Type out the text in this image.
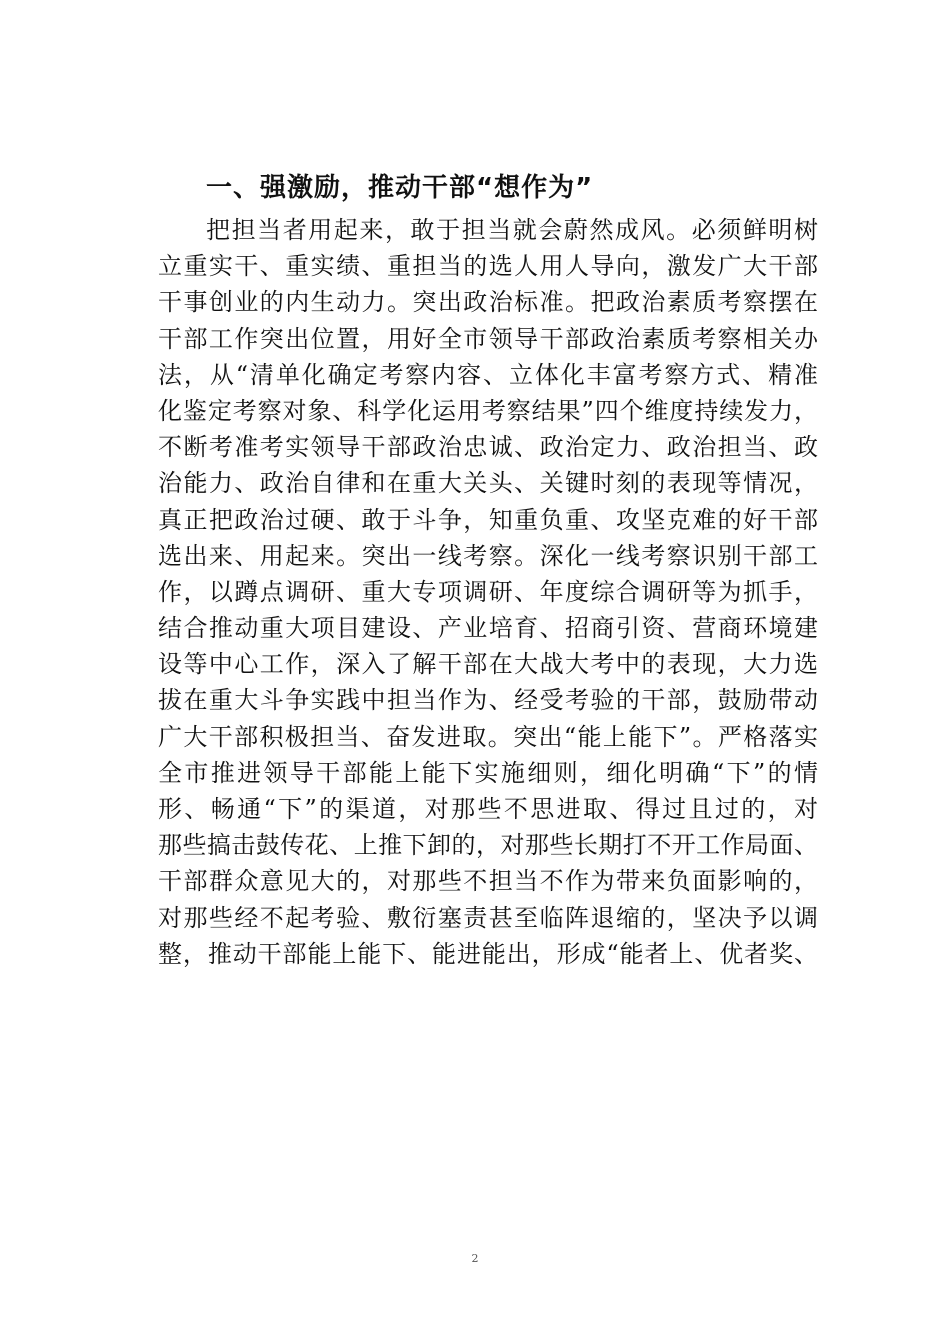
一、强激励，推动干部“想作为”
把担当者用起来，敢于担当就会蔚然成风。必须鲜明树
立重实干、重实绩、重担当的选人用人导向，激发广大干部
干事创业的内生动力。突出政治标准。把政治素质考察摆在
干部工作突出位置，用好全市领导干部政治素质考察相关办
法，从“清单化确定考察内容、立体化丰富考察方式、精准
化鉴定考察对象、科学化运用考察结果”四个维度持续发力，
不断考准考实领导干部政治忠诚、政治定力、政治担当、政
治能力、政治自律和在重大关头、关键时刻的表现等情况，
真正把政治过硬、敢于斗争，知重负重、攻坚克难的好干部
选出来、用起来。突出一线考察。深化一线考察识别干部工
作，以蹲点调研、重大专项调研、年度综合调研等为抓手，
结合推动重大项目建设、产业培育、招商引资、营商环境建
设等中心工作，深入了解干部在大战大考中的表现，大力选
拔在重大斗争实践中担当作为、经受考验的干部，鼓励带动
广大干部积极担当、奋发进取。突出“能上能下”。严格落实
全市推进领导干部能上能下实施细则，细化明确“下”的情
形、畅通“下”的渠道，对那些不思进取、得过且过的，对
那些搞击鼓传花、上推下卸的，对那些长期打不开工作局面、
干部群众意见大的，对那些不担当不作为带来负面影响的，
对那些经不起考验、敷衍塞责甚至临阵退缩的，坚决予以调
整，推动干部能上能下、能进能出，形成“能者上、优者奖、
2
